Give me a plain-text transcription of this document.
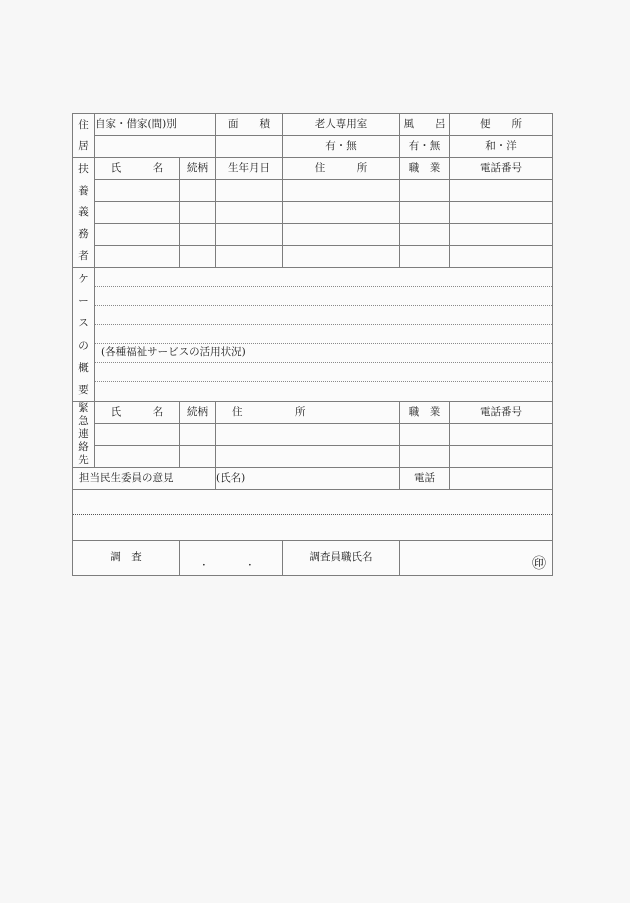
住
居	自家・借家(間)別		面　　積	老人専用室	風　　呂	便　　所
				有・無	有・無	和・洋

扶
養
義
務
者	氏　　　名	続柄	生年月日	住　　　所	職　業	電話番号

ケ
ー
ス
の
概
要

(各種福祉サービスの活用状況)

緊
急
連
絡
先	氏　　　名	続柄	住　　　　　所		職　業	電話番号

担当民生委員の意見			(氏名)		電話	

調　査		． ．		調査員職氏名	㊞	
